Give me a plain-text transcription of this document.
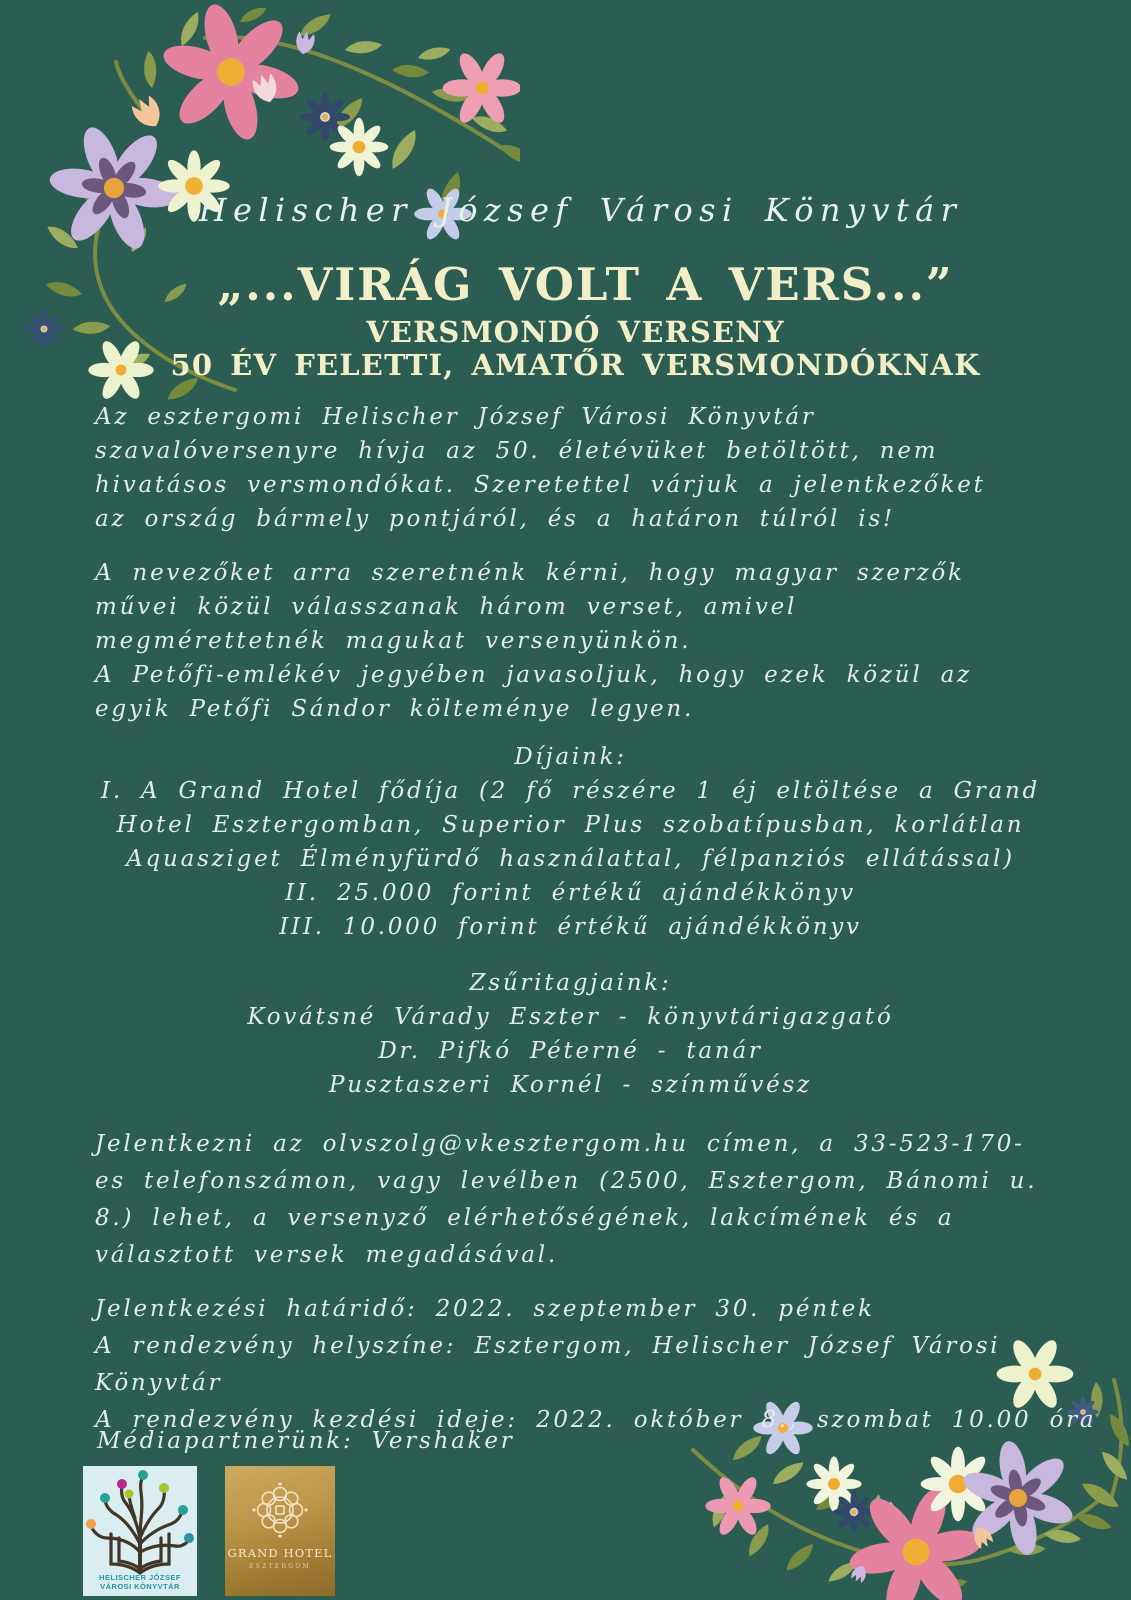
Helischer József Városi Könyvtár
„...VIRÁG VOLT A VERS...”
VERSMONDÓ VERSENY
50 ÉV FELETTI, AMATŐR VERSMONDÓKNAK
Az esztergomi Helischer József Városi Könyvtár szavalóversenyre hívja az 50. életévüket betöltött, nem hivatásos versmondókat. Szeretettel várjuk a jelentkezőket az ország bármely pontjáról, és a határon túlról is!
A nevezőket arra szeretnénk kérni, hogy magyar szerzők művei közül válasszanak három verset, amivel megmérettetnék magukat versenyünkön.
A Petőfi-emlékév jegyében javasoljuk, hogy ezek közül az egyik Petőfi Sándor költeménye legyen.
Díjaink:
I. A Grand Hotel fődíja (2 fő részére 1 éj eltöltése a Grand Hotel Esztergomban, Superior Plus szobatípusban, korlátlan Aquasziget Élményfürdő használattal, félpanziós ellátással)
II. 25.000 forint értékű ajándékkönyv
III. 10.000 forint értékű ajándékkönyv
Zsűritagjaink:
Kovátsné Várady Eszter - könyvtárigazgató
Dr. Pifkó Péterné - tanár
Pusztaszeri Kornél - színművész
Jelentkezni az olvszolg@vkesztergom.hu címen, a 33-523-170-es telefonszámon, vagy levélben (2500, Esztergom, Bánomi u. 8.) lehet, a versenyző elérhetőségének, lakcímének és a választott versek megadásával.
Jelentkezési határidő: 2022. szeptember 30. péntek
A rendezvény helyszíne: Esztergom, Helischer József Városi Könyvtár
A rendezvény kezdési ideje: 2022. október 8., szombat 10.00 óra
Médiapartnerünk: Vershaker
HELISCHER JÓZSEF
VÁROSI KÖNYVTÁR
GRAND HOTEL
ESZTERGOM
